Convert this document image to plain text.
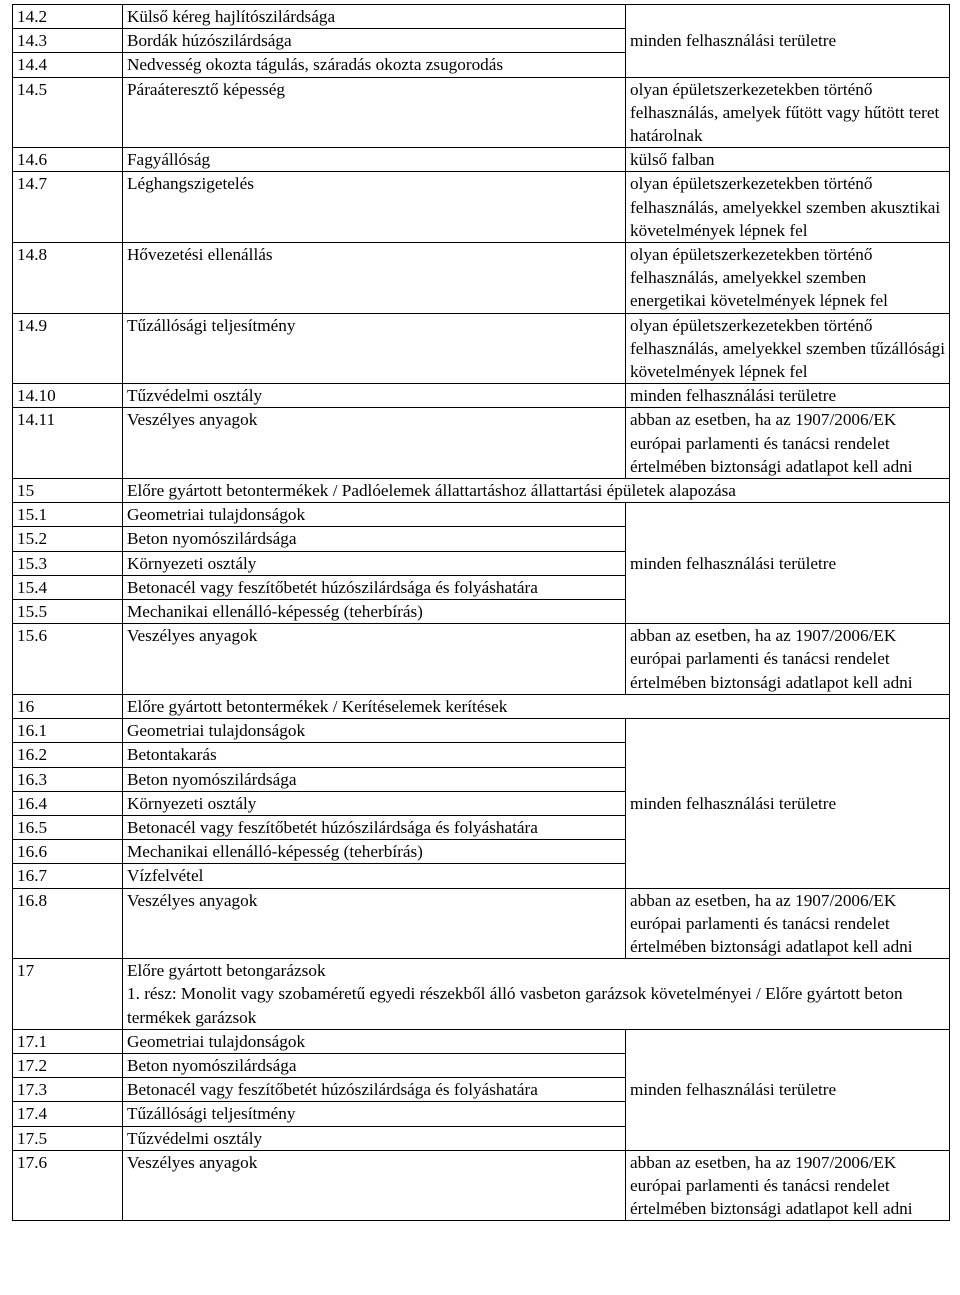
14.2	Külső kéreg hajlítószilárdsága	minden felhasználási területre
14.3	Bordák húzószilárdsága	
14.4	Nedvesség okozta tágulás, száradás okozta zsugorodás	
14.5	Páraáteresztő képesség	olyan épületszerkezetekben történő felhasználás, amelyek fűtött vagy hűtött teret határolnak
14.6	Fagyállóság	külső falban
14.7	Léghangszigetelés	olyan épületszerkezetekben történő felhasználás, amelyekkel szemben akusztikai követelmények lépnek fel
14.8	Hővezetési ellenállás	olyan épületszerkezetekben történő felhasználás, amelyekkel szemben energetikai követelmények lépnek fel
14.9	Tűzállósági teljesítmény	olyan épületszerkezetekben történő felhasználás, amelyekkel szemben tűzállósági követelmények lépnek fel
14.10	Tűzvédelmi osztály	minden felhasználási területre
14.11	Veszélyes anyagok	abban az esetben, ha az 1907/2006/EK európai parlamenti és tanácsi rendelet értelmében biztonsági adatlapot kell adni
15	Előre gyártott betontermékek / Padlóelemek állattartáshoz állattartási épületek alapozása	

15.1	Geometriai tulajdonságok	minden felhasználási területre
15.2	Beton nyomószilárdsága	
15.3	Környezeti osztály	
15.4	Betonacél vagy feszítőbetét húzószilárdsága és folyáshatára	
15.5	Mechanikai ellenálló-képesség (teherbírás)	
15.6	Veszélyes anyagok	abban az esetben, ha az 1907/2006/EK európai parlamenti és tanácsi rendelet értelmében biztonsági adatlapot kell adni
16	Előre gyártott betontermékek / Kerítéselemek kerítések	

16.1	Geometriai tulajdonságok	minden felhasználási területre
16.2	Betontakarás	
16.3	Beton nyomószilárdsága	
16.4	Környezeti osztály	
16.5	Betonacél vagy feszítőbetét húzószilárdsága és folyáshatára	
16.6	Mechanikai ellenálló-képesség (teherbírás)	
16.7	Vízfelvétel	
16.8	Veszélyes anyagok	abban az esetben, ha az 1907/2006/EK európai parlamenti és tanácsi rendelet értelmében biztonsági adatlapot kell adni
17	Előre gyártott betongarázsok
1. rész: Monolit vagy szobaméretű egyedi részekből álló vasbeton garázsok követelményei / Előre gyártott beton termékek garázsok	

17.1	Geometriai tulajdonságok	minden felhasználási területre
17.2	Beton nyomószilárdsága	
17.3	Betonacél vagy feszítőbetét húzószilárdsága és folyáshatára	
17.4	Tűzállósági teljesítmény	
17.5	Tűzvédelmi osztály	
17.6	Veszélyes anyagok	abban az esetben, ha az 1907/2006/EK európai parlamenti és tanácsi rendelet értelmében biztonsági adatlapot kell adni
